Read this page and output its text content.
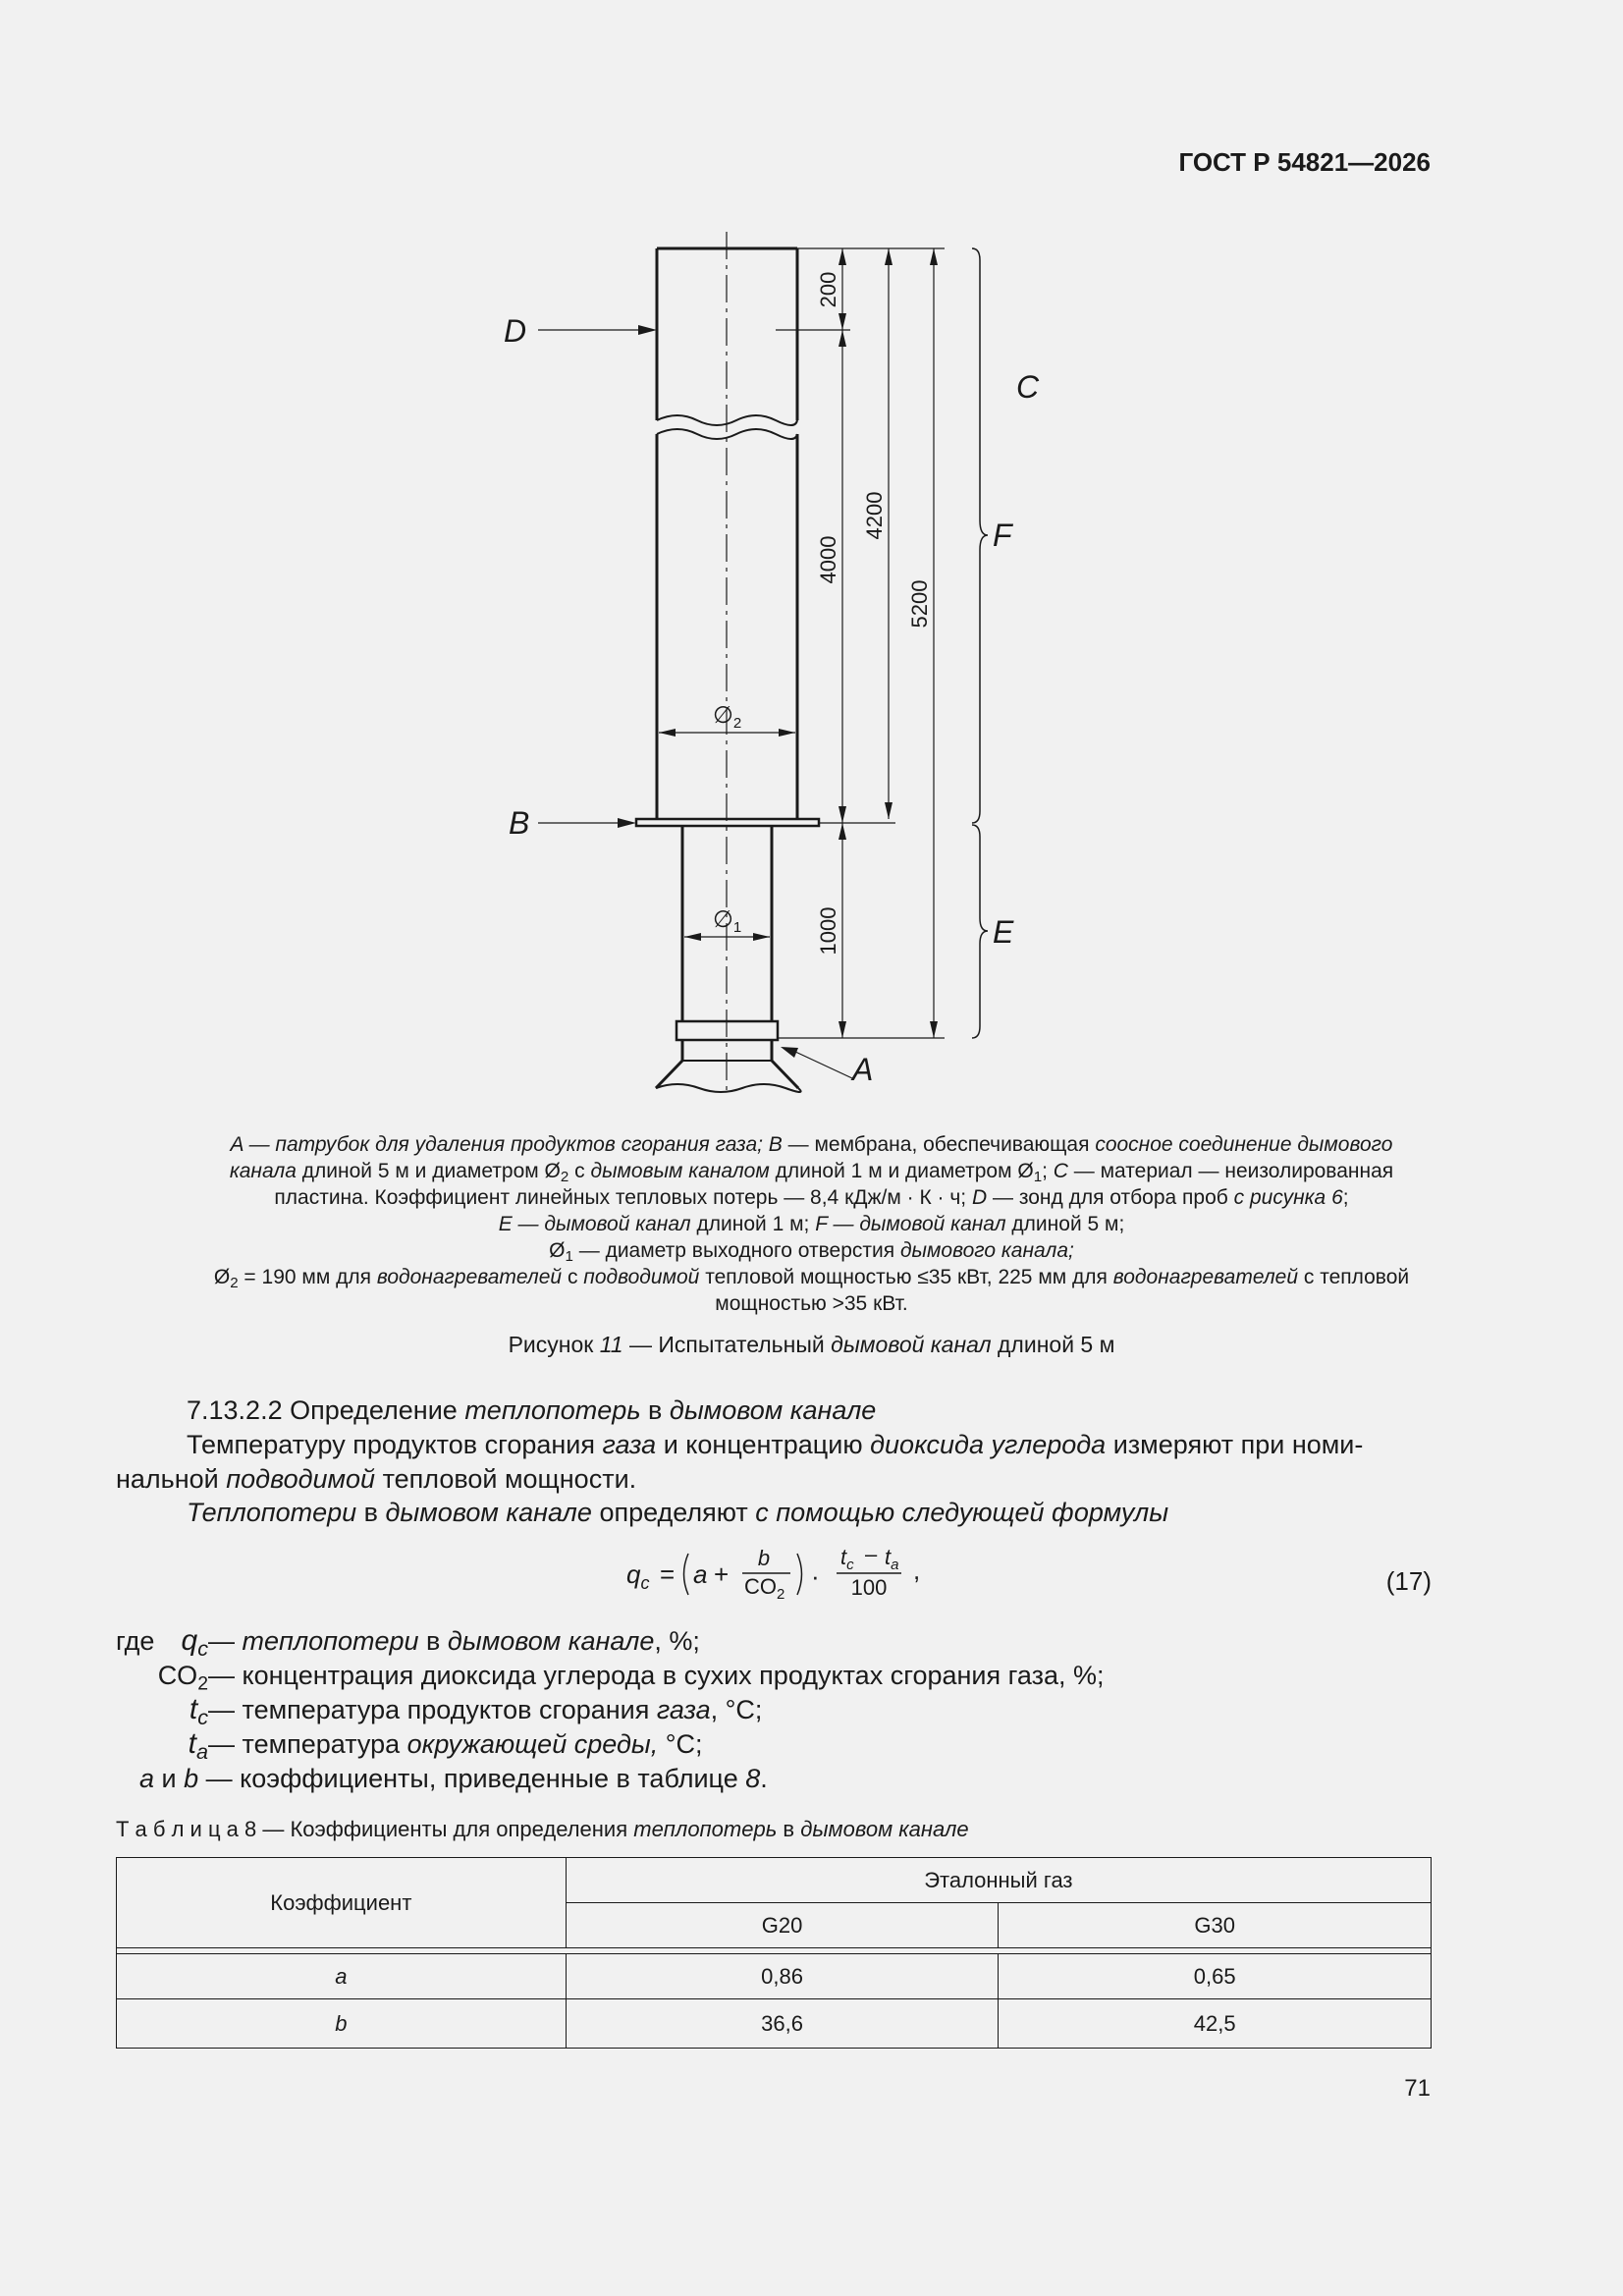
ГОСТ Р 54821—2026
D
B
A
C
F
E
200
4000
4200
5200
1000
$\emptyset_2$
$\emptyset_1$
A — патрубок для удаления продуктов сгорания газа; B — мембрана, обеспечивающая соосное соединение дымового
канала длиной 5 м и диаметром $Ø_2$ с дымовым каналом длиной 1 м и диаметром $Ø_1$; C — материал — неизолированная
пластина. Коэффициент линейных тепловых потерь — 8,4 кДж/м · К · ч; D — зонд для отбора проб с рисунка 6;
E — дымовой канал длиной 1 м; F — дымовой канал длиной 5 м;
$Ø_1$ — диаметр выходного отверстия дымового канала;
$Ø_2 = 190$ мм для водонагревателей с подводимой тепловой мощностью ≤35 кВт, 225 мм для водонагревателей с тепловой
мощностью >35 кВт.
Рисунок 11 — Испытательный дымовой канал длиной 5 м
7.13.2.2 Определение теплопотерь в дымовом канале
Температуру продуктов сгорания газа и концентрацию диоксида углерода измеряют при номи-
нальной подводимой тепловой мощности.
Теплопотери в дымовом канале определяют с помощью следующей формулы
$q_c = a$ +
b
$CO_2$
·
$t_c - t_a$
100
,	(17)
где $q_c$ — теплопотери в дымовом канале, %;
$CO_2$ — концентрация диоксида углерода в сухих продуктах сгорания газа, %;
$t_c$ — температура продуктов сгорания газа, °C;
$t_a$ — температура окружающей среды, °C;
a и b — коэффициенты, приведенные в таблице 8.
Т а б л и ц а 8 — Коэффициенты для определения теплопотерь в дымовом канале
Коэффициент	Эталонный газ	
	G20	G30

a	0,86	0,65
b	36,6	42,5
71
